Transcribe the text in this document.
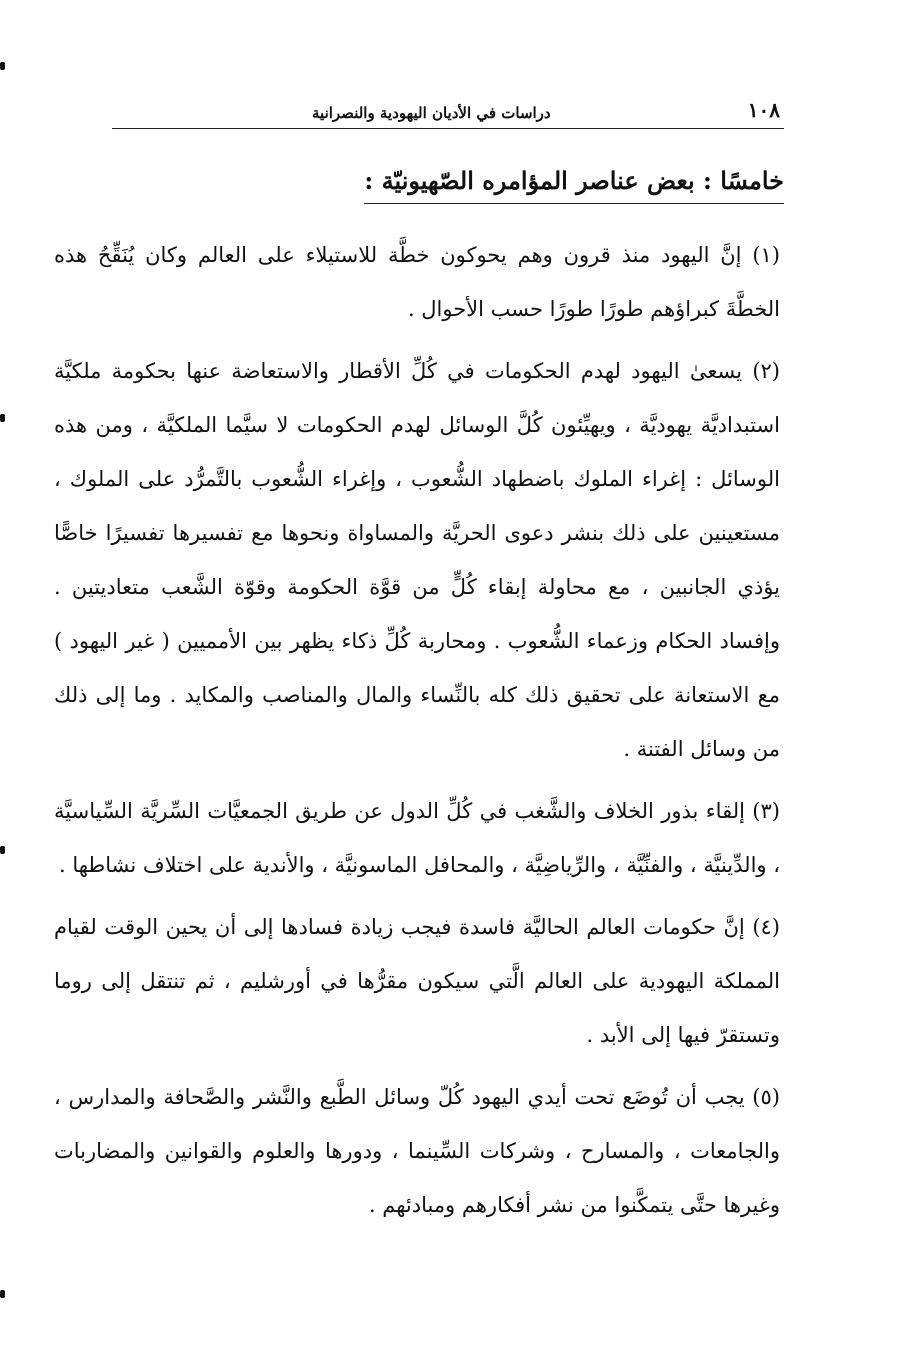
١٠٨
دراسات في الأديان اليهودية والنصرانية
خامسًا : بعض عناصر المؤامره الصّهيونيّة :

(١) إنَّ اليهود منذ قرون وهم يحوكون خطَّة للاستيلاء على العالم وكان يُنَقِّحُ هذه الخطَّةَ كبراؤهم طورًا طورًا حسب الأحوال .

(٢) يسعىٰ اليهود لهدم الحكومات في كُلِّ الأقطار والاستعاضة عنها بحكومة ملكيَّة استبداديَّة يهوديَّة ، ويهيِّئون كُلَّ الوسائل لهدم الحكومات لا سيَّما الملكيَّة ، ومن هذه الوسائل : إغراء الملوك باضطهاد الشُّعوب ، وإغراء الشُّعوب بالتَّمرُّد على الملوك ، مستعينين على ذلك بنشر دعوى الحريَّة والمساواة ونحوها مع تفسيرها تفسيرًا خاصًّا يؤذي الجانبين ، مع محاولة إبقاء كُلٍّ من قوَّة الحكومة وقوّة الشَّعب متعاديتين . وإفساد الحكام وزعماء الشُّعوب . ومحاربة كُلِّ ذكاء يظهر بين الأمميين ( غير اليهود ) مع الاستعانة على تحقيق ذلك كله بالنِّساء والمال والمناصب والمكايد . وما إلى ذلك من وسائل الفتنة .

(٣) إلقاء بذور الخلاف والشَّغب في كُلِّ الدول عن طريق الجمعيَّات السِّريَّة السِّياسيَّة ، والدِّينيَّة ، والفنِّيَّة ، والرِّياضِيَّة ، والمحافل الماسونيَّة ، والأندية على اختلاف نشاطها .

(٤) إنَّ حكومات العالم الحاليَّة فاسدة فيجب زيادة فسادها إلى أن يحين الوقت لقيام المملكة اليهودية على العالم الَّتي سيكون مقرُّها في أورشليم ، ثم تنتقل إلى روما وتستقرّ فيها إلى الأبد .

(٥) يجب أن تُوضَع تحت أيدي اليهود كُلّ وسائل الطَّبع والنَّشر والصَّحافة والمدارس ، والجامعات ، والمسارح ، وشركات السِّينما ، ودورها والعلوم والقوانين والمضاربات وغيرها حتَّى يتمكَّنوا من نشر أفكارهم ومبادئهم .
